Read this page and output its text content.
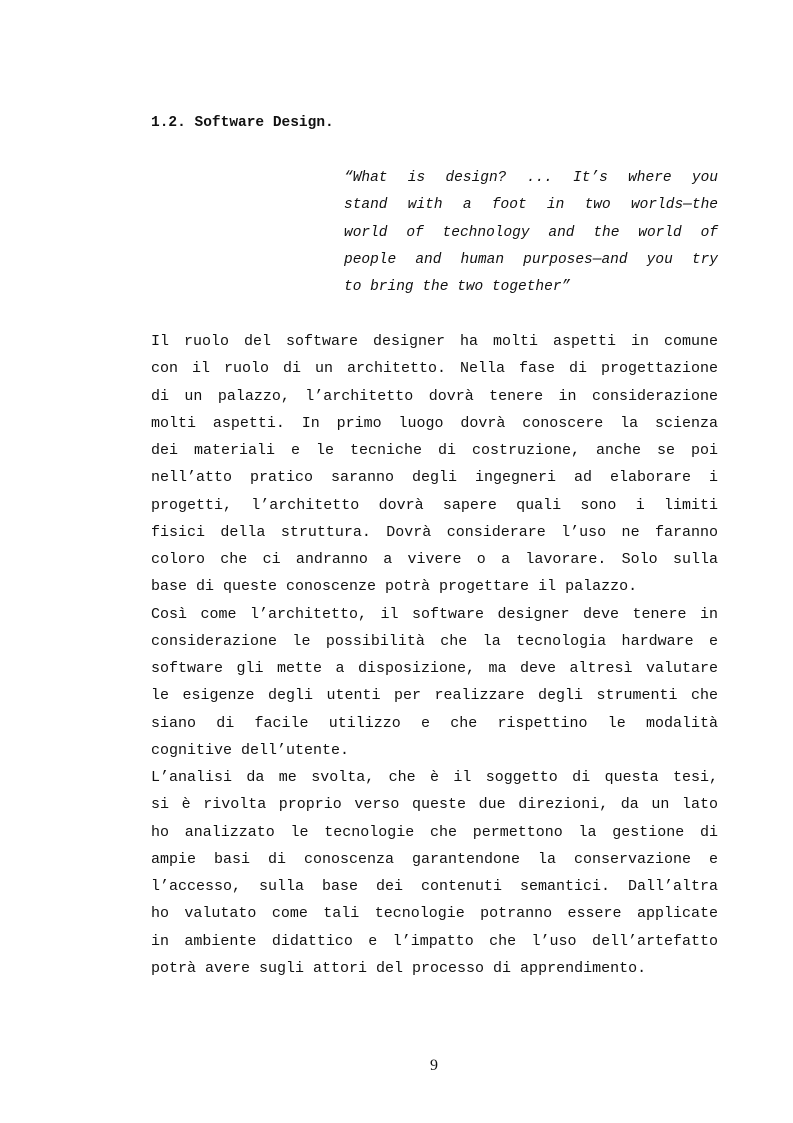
1.2. Software Design.
“What is design? ... It’s where you
stand with a foot in two worlds—the
world of technology and the world of
people and human purposes—and you try
to bring the two together”
Il ruolo del software designer ha molti aspetti in comune
con il ruolo di un architetto. Nella fase di progettazione
di un palazzo, l’architetto dovrà tenere in considerazione
molti aspetti. In primo luogo dovrà conoscere la scienza
dei materiali e le tecniche di costruzione, anche se poi
nell’atto pratico saranno degli ingegneri ad elaborare i
progetti, l’architetto dovrà sapere quali sono i limiti
fisici della struttura. Dovrà considerare l’uso ne faranno
coloro che ci andranno a vivere o a lavorare. Solo sulla
base di queste conoscenze potrà progettare il palazzo.
Così come l’architetto, il software designer deve tenere in
considerazione le possibilità che la tecnologia hardware e
software gli mette a disposizione, ma deve altresì valutare
le esigenze degli utenti per realizzare degli strumenti che
siano di facile utilizzo e che rispettino le modalità
cognitive dell’utente.
L’analisi da me svolta, che è il soggetto di questa tesi,
si è rivolta proprio verso queste due direzioni, da un lato
ho analizzato le tecnologie che permettono la gestione di
ampie basi di conoscenza garantendone la conservazione e
l’accesso, sulla base dei contenuti semantici. Dall’altra
ho valutato come tali tecnologie potranno essere applicate
in ambiente didattico e l’impatto che l’uso dell’artefatto
potrà avere sugli attori del processo di apprendimento.
9
